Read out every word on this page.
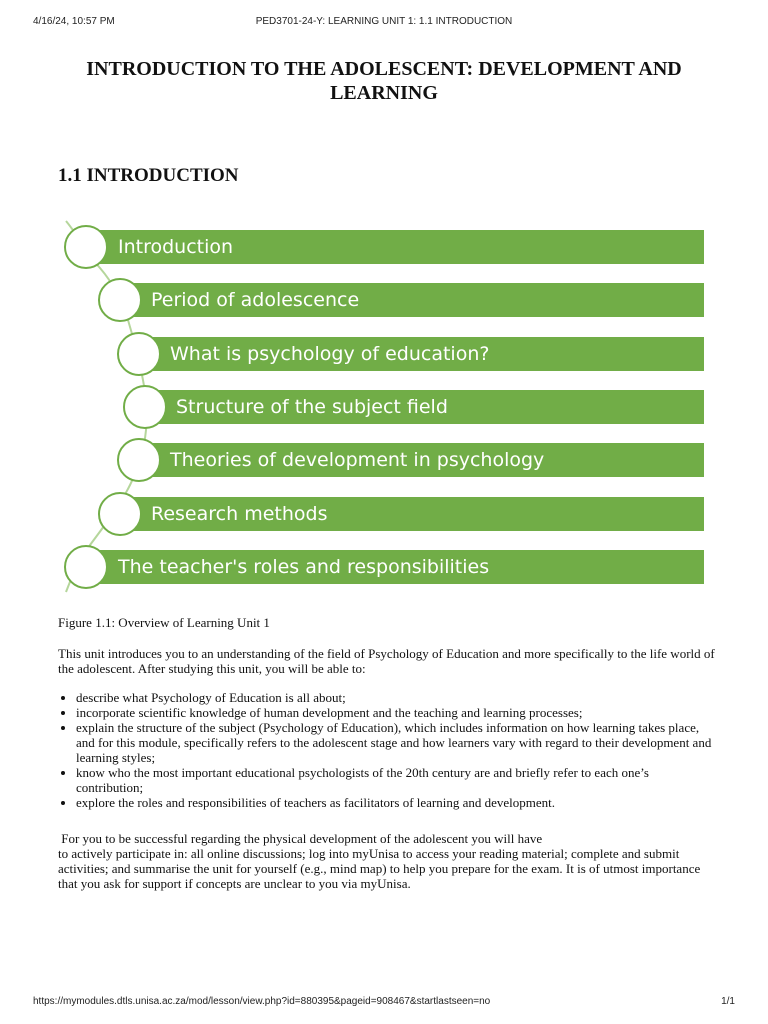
4/16/24, 10:57 PM	PED3701-24-Y: LEARNING UNIT 1: 1.1 INTRODUCTION
INTRODUCTION TO THE ADOLESCENT: DEVELOPMENT AND LEARNING
1.1 INTRODUCTION
Introduction
Period of adolescence
What is psychology of education?
Structure of the subject field
Theories of development in psychology
Research methods
The teacher's roles and responsibilities
Figure 1.1: Overview of Learning Unit 1
This unit introduces you to an understanding of the field of Psychology of Education and more specifically to the life world of the adolescent. After studying this unit, you will be able to:
• describe what Psychology of Education is all about;
• incorporate scientific knowledge of human development and the teaching and learning processes;
• explain the structure of the subject (Psychology of Education), which includes information on how learning takes place, and for this module, specifically refers to the adolescent stage and how learners vary with regard to their development and learning styles;
• know who the most important educational psychologists of the 20th century are and briefly refer to each one’s contribution;
• explore the roles and responsibilities of teachers as facilitators of learning and development.
For you to be successful regarding the physical development of the adolescent you will have
to actively participate in: all online discussions; log into myUnisa to access your reading material; complete and submit activities; and summarise the unit for yourself (e.g., mind map) to help you prepare for the exam. It is of utmost importance that you ask for support if concepts are unclear to you via myUnisa.
https://mymodules.dtls.unisa.ac.za/mod/lesson/view.php?id=880395&pageid=908467&startlastseen=no	1/1
